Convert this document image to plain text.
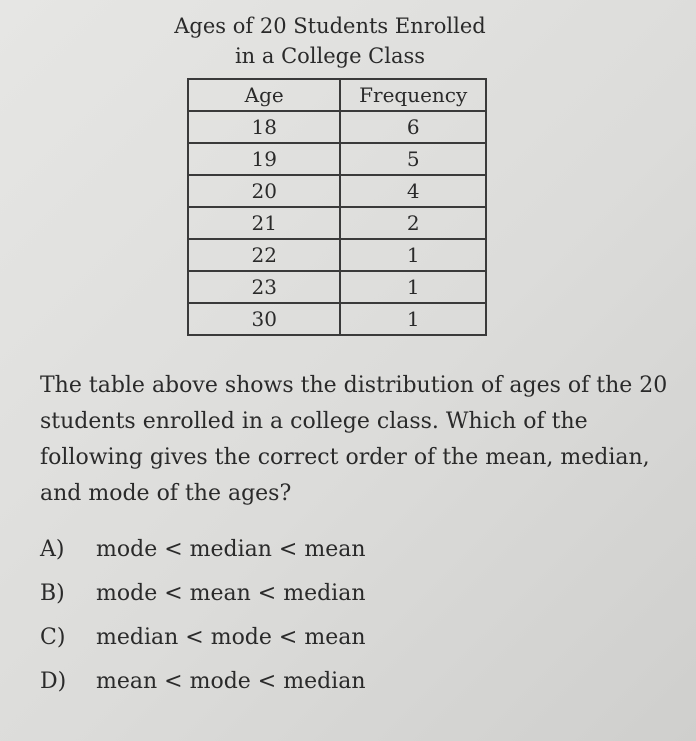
Ages of 20 Students Enrolled
in a College Class
Age	Frequency
18	6
19	5
20	4
21	2
22	1
23	1
30	1
The table above shows the distribution of ages of the 20 students enrolled in a college class. Which of the following gives the correct order of the mean, median, and mode of the ages?
A) mode < median < mean
B) mode < mean < median
C) median < mode < mean
D) mean < mode < median
